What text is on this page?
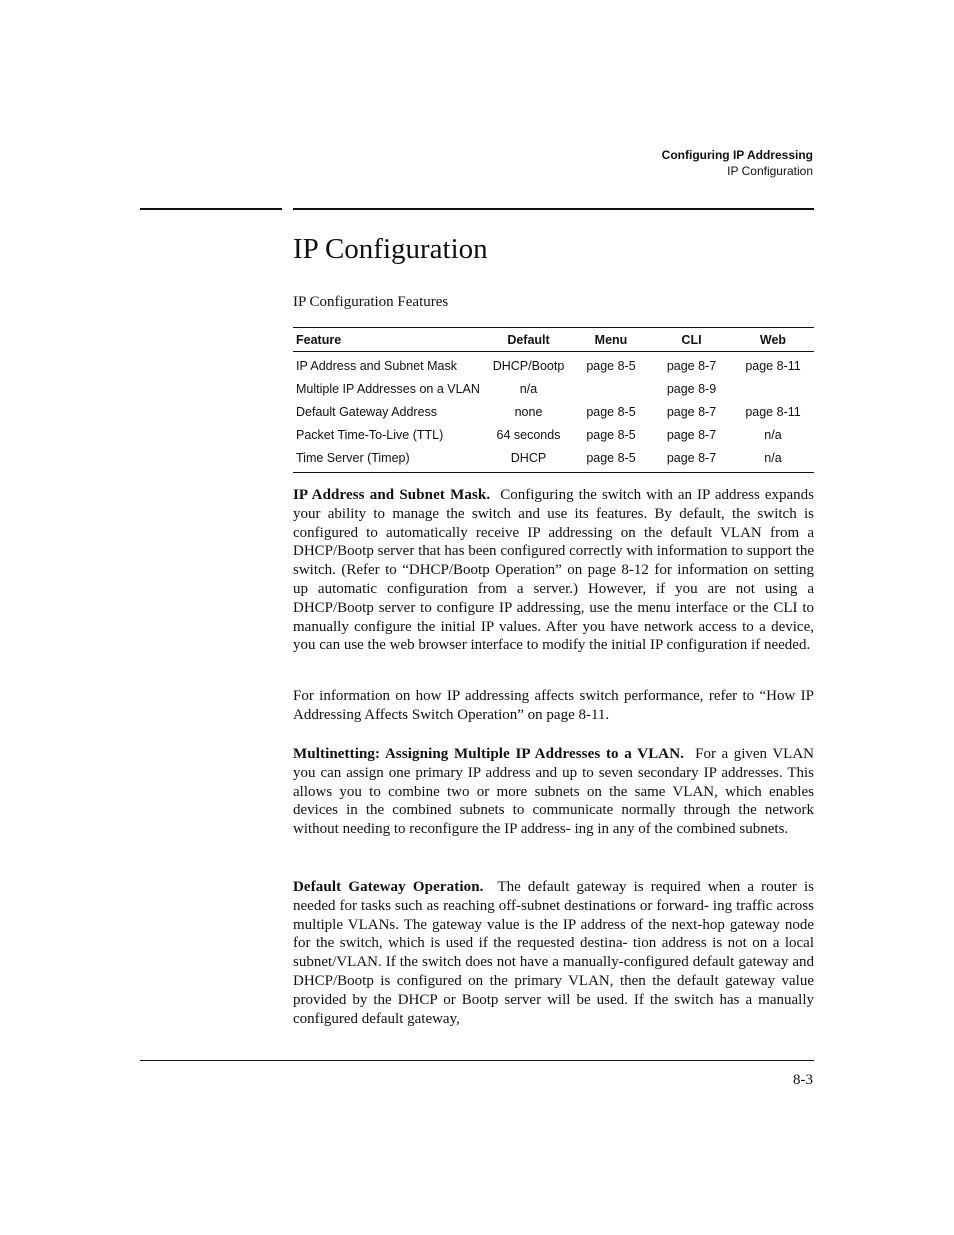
Configuring IP Addressing
IP Configuration
IP Configuration
IP Configuration Features
Feature	Default	Menu	CLI	Web
IP Address and Subnet Mask	DHCP/Bootp	page 8-5	page 8-7	page 8-11
Multiple IP Addresses on a VLAN	n/a		page 8-9	
Default Gateway Address	none	page 8-5	page 8-7	page 8-11
Packet Time-To-Live (TTL)	64 seconds	page 8-5	page 8-7	n/a
Time Server (Timep)	DHCP	page 8-5	page 8-7	n/a

IP Address and Subnet Mask. Configuring the switch with an IP address expands your ability to manage the switch and use its features. By default, the switch is configured to automatically receive IP addressing on the default VLAN from a DHCP/Bootp server that has been configured correctly with information to support the switch. (Refer to “DHCP/Bootp Operation” on page 8-12 for information on setting up automatic configuration from a server.) However, if you are not using a DHCP/Bootp server to configure IP addressing, use the menu interface or the CLI to manually configure the initial IP values. After you have network access to a device, you can use the web browser interface to modify the initial IP configuration if needed.

For information on how IP addressing affects switch performance, refer to “How IP Addressing Affects Switch Operation” on page 8-11.

Multinetting: Assigning Multiple IP Addresses to a VLAN. For a given VLAN you can assign one primary IP address and up to seven secondary IP addresses. This allows you to combine two or more subnets on the same VLAN, which enables devices in the combined subnets to communicate normally through the network without needing to reconfigure the IP address- ing in any of the combined subnets.

Default Gateway Operation. The default gateway is required when a router is needed for tasks such as reaching off-subnet destinations or forward- ing traffic across multiple VLANs. The gateway value is the IP address of the next-hop gateway node for the switch, which is used if the requested destina- tion address is not on a local subnet/VLAN. If the switch does not have a manually-configured default gateway and DHCP/Bootp is configured on the primary VLAN, then the default gateway value provided by the DHCP or Bootp server will be used. If the switch has a manually configured default gateway,

8-3
